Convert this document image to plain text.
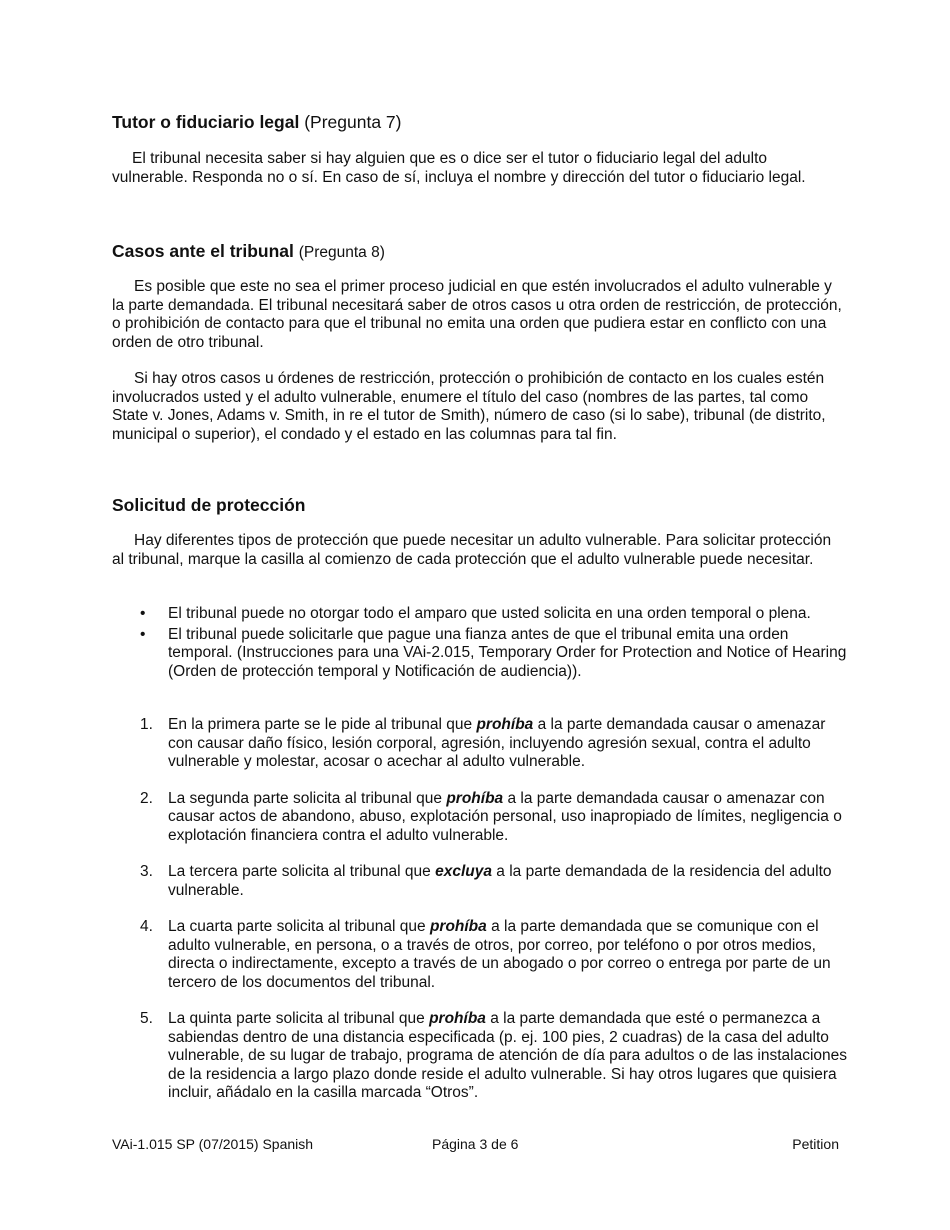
Tutor o fiduciario legal (Pregunta 7)

El tribunal necesita saber si hay alguien que es o dice ser el tutor o fiduciario legal del adulto vulnerable. Responda no o sí. En caso de sí, incluya el nombre y dirección del tutor o fiduciario legal.

Casos ante el tribunal (Pregunta 8)

Es posible que este no sea el primer proceso judicial en que estén involucrados el adulto vulnerable y la parte demandada. El tribunal necesitará saber de otros casos u otra orden de restricción, de protección, o prohibición de contacto para que el tribunal no emita una orden que pudiera estar en conflicto con una orden de otro tribunal.

Si hay otros casos u órdenes de restricción, protección o prohibición de contacto en los cuales estén involucrados usted y el adulto vulnerable, enumere el título del caso (nombres de las partes, tal como State v. Jones, Adams v. Smith, in re el tutor de Smith), número de caso (si lo sabe), tribunal (de distrito, municipal o superior), el condado y el estado en las columnas para tal fin.

Solicitud de protección

Hay diferentes tipos de protección que puede necesitar un adulto vulnerable. Para solicitar protección al tribunal, marque la casilla al comienzo de cada protección que el adulto vulnerable puede necesitar.

• El tribunal puede no otorgar todo el amparo que usted solicita en una orden temporal o plena.
• El tribunal puede solicitarle que pague una fianza antes de que el tribunal emita una orden temporal. (Instrucciones para una VAi-2.015, Temporary Order for Protection and Notice of Hearing (Orden de protección temporal y Notificación de audiencia)).
1. En la primera parte se le pide al tribunal que prohíba a la parte demandada causar o amenazar con causar daño físico, lesión corporal, agresión, incluyendo agresión sexual, contra el adulto vulnerable y molestar, acosar o acechar al adulto vulnerable.
2. La segunda parte solicita al tribunal que prohíba a la parte demandada causar o amenazar con causar actos de abandono, abuso, explotación personal, uso inapropiado de límites, negligencia o explotación financiera contra el adulto vulnerable.
3. La tercera parte solicita al tribunal que excluya a la parte demandada de la residencia del adulto vulnerable.
4. La cuarta parte solicita al tribunal que prohíba a la parte demandada que se comunique con el adulto vulnerable, en persona, o a través de otros, por correo, por teléfono o por otros medios, directa o indirectamente, excepto a través de un abogado o por correo o entrega por parte de un tercero de los documentos del tribunal.
5. La quinta parte solicita al tribunal que prohíba a la parte demandada que esté o permanezca a sabiendas dentro de una distancia especificada (p. ej. 100 pies, 2 cuadras) de la casa del adulto vulnerable, de su lugar de trabajo, programa de atención de día para adultos o de las instalaciones de la residencia a largo plazo donde reside el adulto vulnerable. Si hay otros lugares que quisiera incluir, añádalo en la casilla marcada “Otros”.
VAi-1.015 SP (07/2015) Spanish	Página 3 de 6	Petition
